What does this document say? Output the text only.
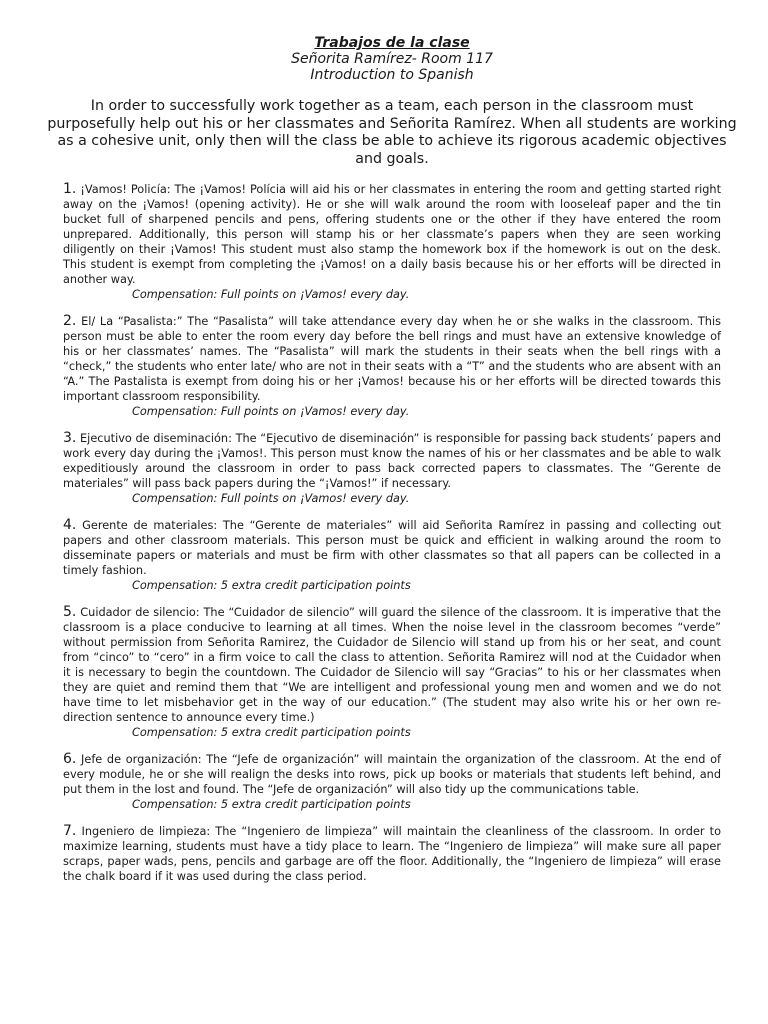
Trabajos de la clase
Señorita Ramírez- Room 117
Introduction to Spanish
In order to successfully work together as a team, each person in the classroom must purposefully help out his or her classmates and Señorita Ramírez. When all students are working as a cohesive unit, only then will the class be able to achieve its rigorous academic objectives and goals.
1. ¡Vamos! Policía: The ¡Vamos! Polícia will aid his or her classmates in entering the room and getting started right away on the ¡Vamos! (opening activity). He or she will walk around the room with looseleaf paper and the tin bucket full of sharpened pencils and pens, offering students one or the other if they have entered the room unprepared. Additionally, this person will stamp his or her classmate’s papers when they are seen working diligently on their ¡Vamos! This student must also stamp the homework box if the homework is out on the desk. This student is exempt from completing the ¡Vamos! on a daily basis because his or her efforts will be directed in another way.
Compensation: Full points on ¡Vamos! every day.
2. El/ La “Pasalista:” The “Pasalista” will take attendance every day when he or she walks in the classroom. This person must be able to enter the room every day before the bell rings and must have an extensive knowledge of his or her classmates’ names. The “Pasalista” will mark the students in their seats when the bell rings with a “check,” the students who enter late/ who are not in their seats with a “T” and the students who are absent with an “A.” The Pastalista is exempt from doing his or her ¡Vamos! because his or her efforts will be directed towards this important classroom responsibility.
Compensation: Full points on ¡Vamos! every day.
3. Ejecutivo de diseminación: The “Ejecutivo de diseminación” is responsible for passing back students’ papers and work every day during the ¡Vamos!. This person must know the names of his or her classmates and be able to walk expeditiously around the classroom in order to pass back corrected papers to classmates. The “Gerente de materiales” will pass back papers during the “¡Vamos!” if necessary.
Compensation: Full points on ¡Vamos! every day.
4. Gerente de materiales: The “Gerente de materiales” will aid Señorita Ramírez in passing and collecting out papers and other classroom materials. This person must be quick and efficient in walking around the room to disseminate papers or materials and must be firm with other classmates so that all papers can be collected in a timely fashion.
Compensation: 5 extra credit participation points
5. Cuidador de silencio: The “Cuidador de silencio” will guard the silence of the classroom. It is imperative that the classroom is a place conducive to learning at all times. When the noise level in the classroom becomes “verde” without permission from Señorita Ramirez, the Cuidador de Silencio will stand up from his or her seat, and count from “cinco” to “cero” in a firm voice to call the class to attention. Señorita Ramirez will nod at the Cuidador when it is necessary to begin the countdown. The Cuidador de Silencio will say “Gracias” to his or her classmates when they are quiet and remind them that “We are intelligent and professional young men and women and we do not have time to let misbehavior get in the way of our education.” (The student may also write his or her own re-direction sentence to announce every time.)
Compensation: 5 extra credit participation points
6. Jefe de organización: The “Jefe de organización” will maintain the organization of the classroom. At the end of every module, he or she will realign the desks into rows, pick up books or materials that students left behind, and put them in the lost and found. The “Jefe de organización” will also tidy up the communications table.
Compensation: 5 extra credit participation points
7. Ingeniero de limpieza: The “Ingeniero de limpieza” will maintain the cleanliness of the classroom. In order to maximize learning, students must have a tidy place to learn. The “Ingeniero de limpieza” will make sure all paper scraps, paper wads, pens, pencils and garbage are off the floor. Additionally, the “Ingeniero de limpieza” will erase the chalk board if it was used during the class period.
